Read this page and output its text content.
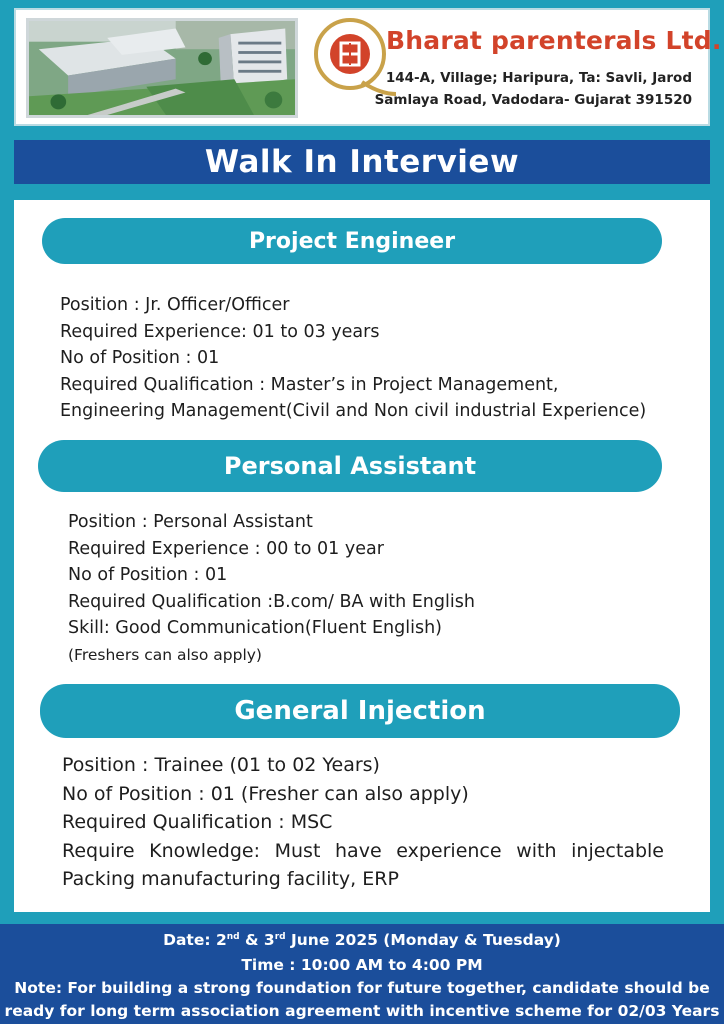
Bharat parenterals Ltd.
144-A, Village; Haripura, Ta: Savli, Jarod
Samlaya Road, Vadodara- Gujarat 391520
Walk In Interview
Project Engineer
Position : Jr. Officer/Officer
Required Experience: 01 to 03 years
No of Position : 01
Required Qualification : Master’s in Project Management,
Engineering Management(Civil and Non civil industrial Experience)
Personal Assistant
Position : Personal Assistant
Required Experience : 00 to 01 year
No of Position : 01
Required Qualification :B.com/ BA with English
Skill: Good Communication(Fluent English)
(Freshers can also apply)
General Injection
Position : Trainee (01 to 02 Years)
No of Position : 01 (Fresher can also apply)
Required Qualification : MSC
Require Knowledge: Must have experience with injectable
Packing manufacturing facility, ERP
Date: 2nd & 3rd June 2025 (Monday & Tuesday)
Time : 10:00 AM to 4:00 PM
Note: For building a strong foundation for future together, candidate should be
ready for long term association agreement with incentive scheme for 02/03 Years
